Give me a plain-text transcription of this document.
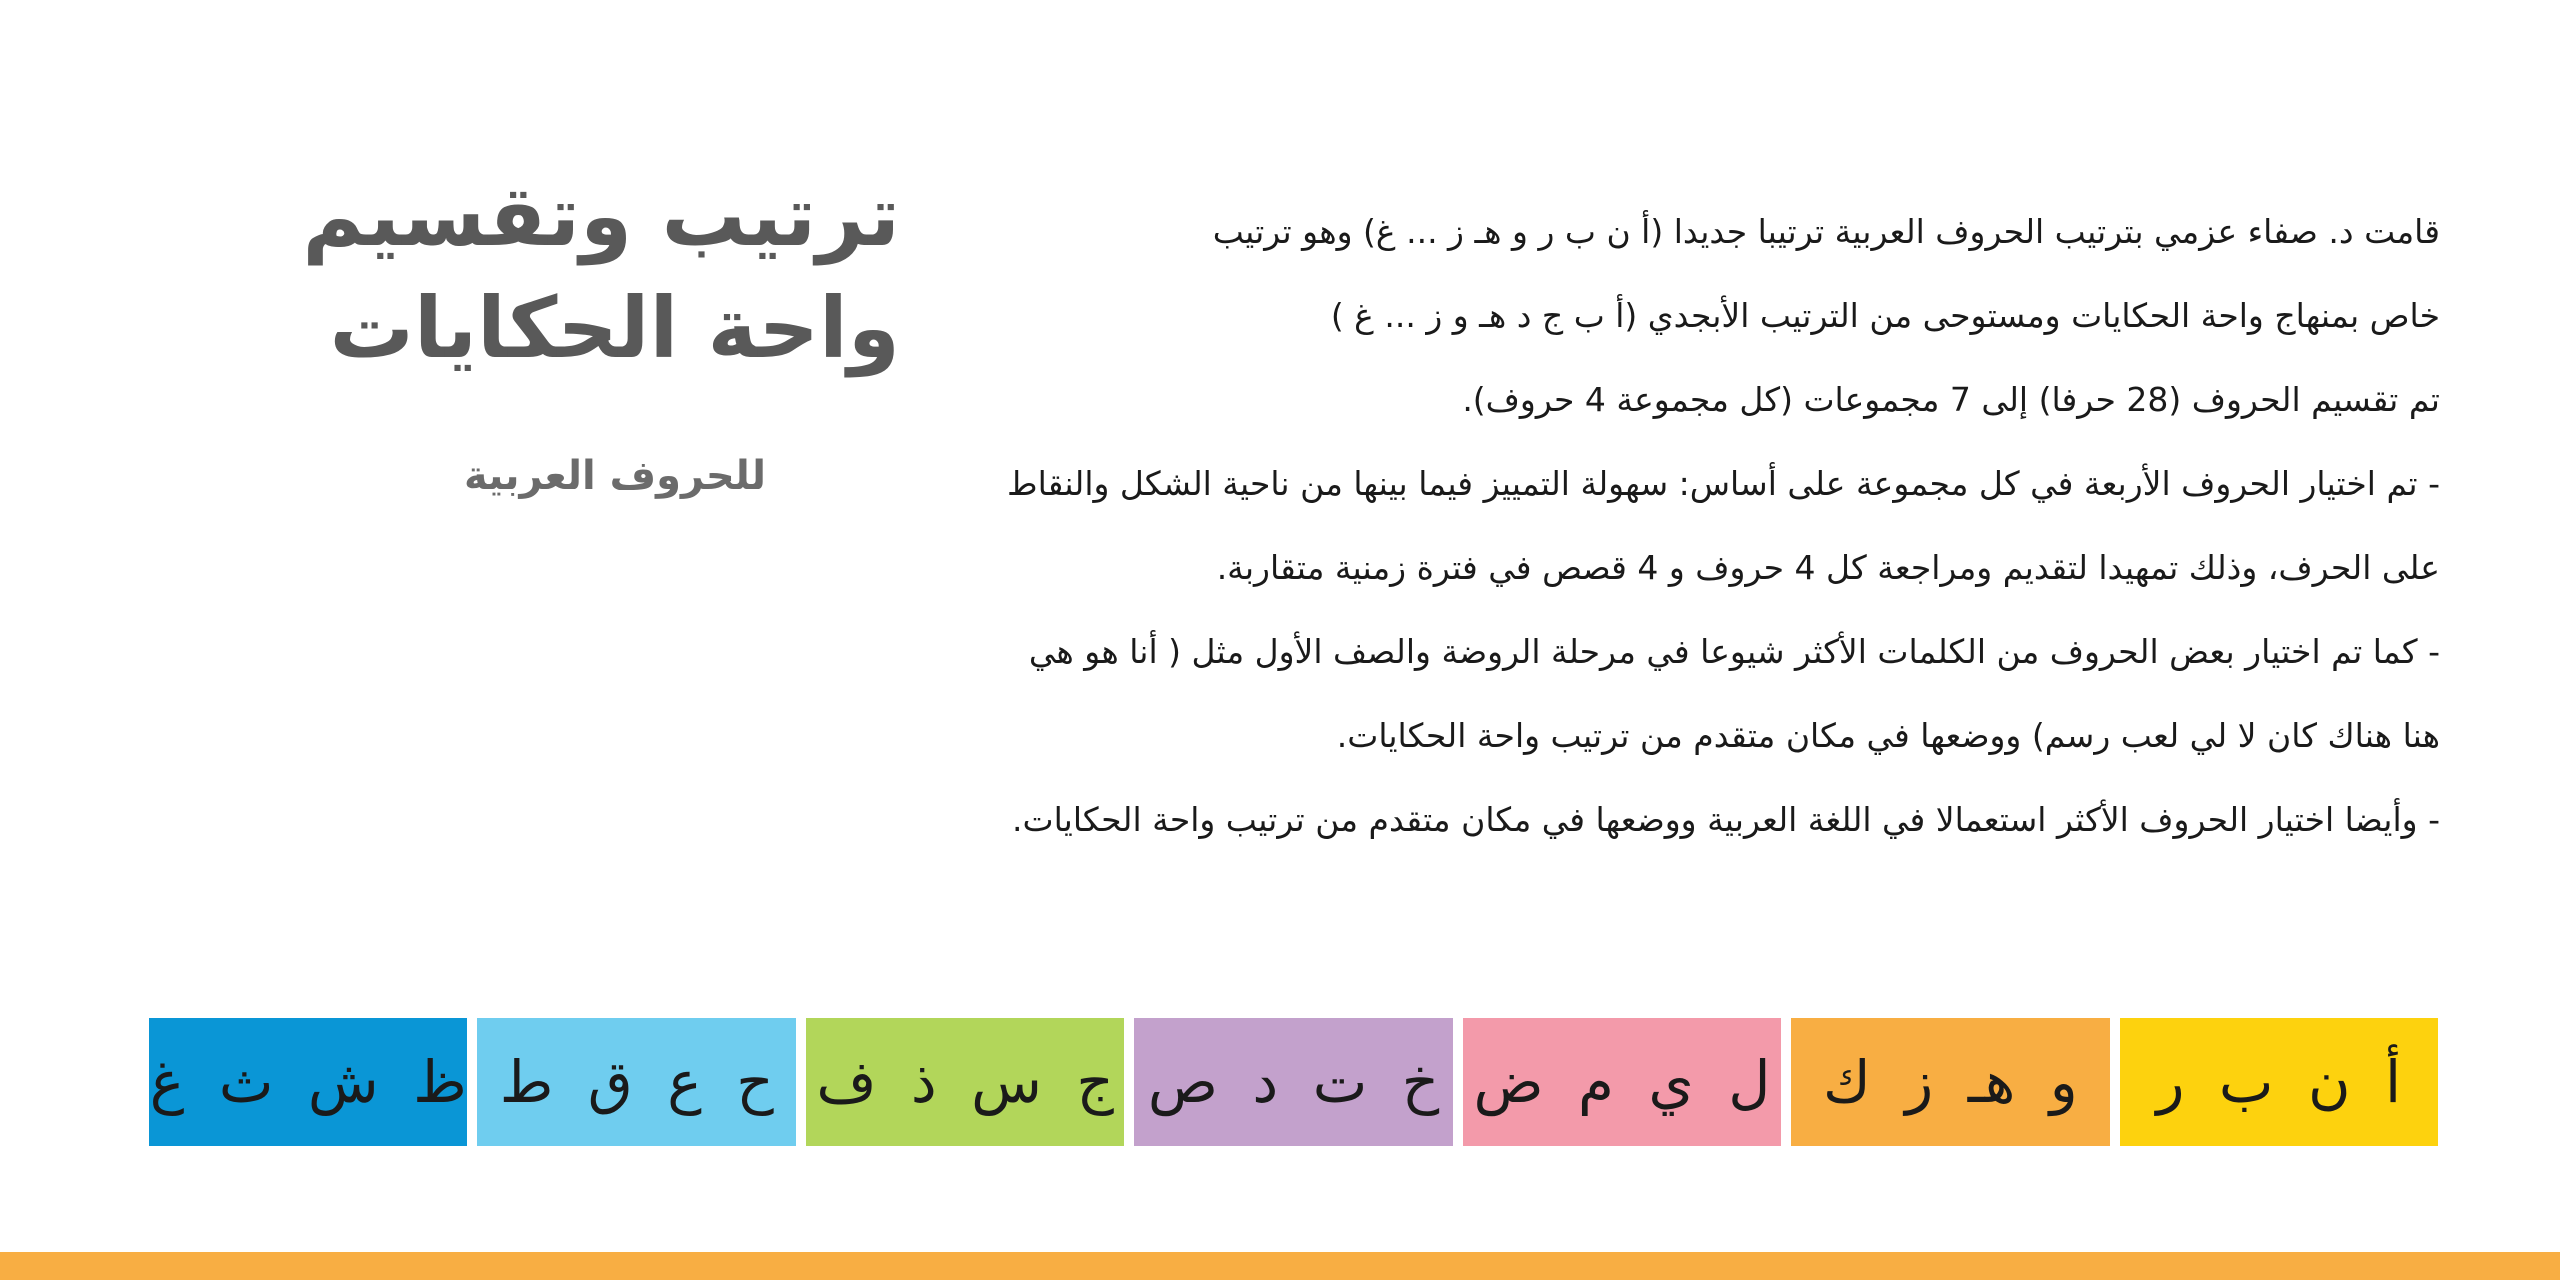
ترتيب وتقسيم
واحة الحكايات
للحروف العربية

قامت د. صفاء عزمي بترتيب الحروف العربية ترتيبا جديدا (أ ن ب ر و هـ ز ... غ) وهو ترتيب

خاص بمنهاج واحة الحكايات ومستوحى من الترتيب الأبجدي (أ ب ج د هـ و ز ... غ )

تم تقسيم الحروف (28 حرفا) إلى 7 مجموعات (كل مجموعة 4 حروف).

- تم اختيار الحروف الأربعة في كل مجموعة على أساس: سهولة التمييز فيما بينها من ناحية الشكل والنقاط

على الحرف، وذلك تمهيدا لتقديم ومراجعة كل 4 حروف و 4 قصص في فترة زمنية متقاربة.

- كما تم اختيار بعض الحروف من الكلمات الأكثر شيوعا في مرحلة الروضة والصف الأول مثل ( أنا هو هي

هنا هناك كان لا لي لعب رسم) ووضعها في مكان متقدم من ترتيب واحة الحكايات.

- وأيضا اختيار الحروف الأكثر استعمالا في اللغة العربية ووضعها في مكان متقدم من ترتيب واحة الحكايات.

أ ن ب ر
و هـ ز ك
ل ي م ض
خ ت د ص
ج س ذ ف
ح ع ق ط
ظ ش ث غ
